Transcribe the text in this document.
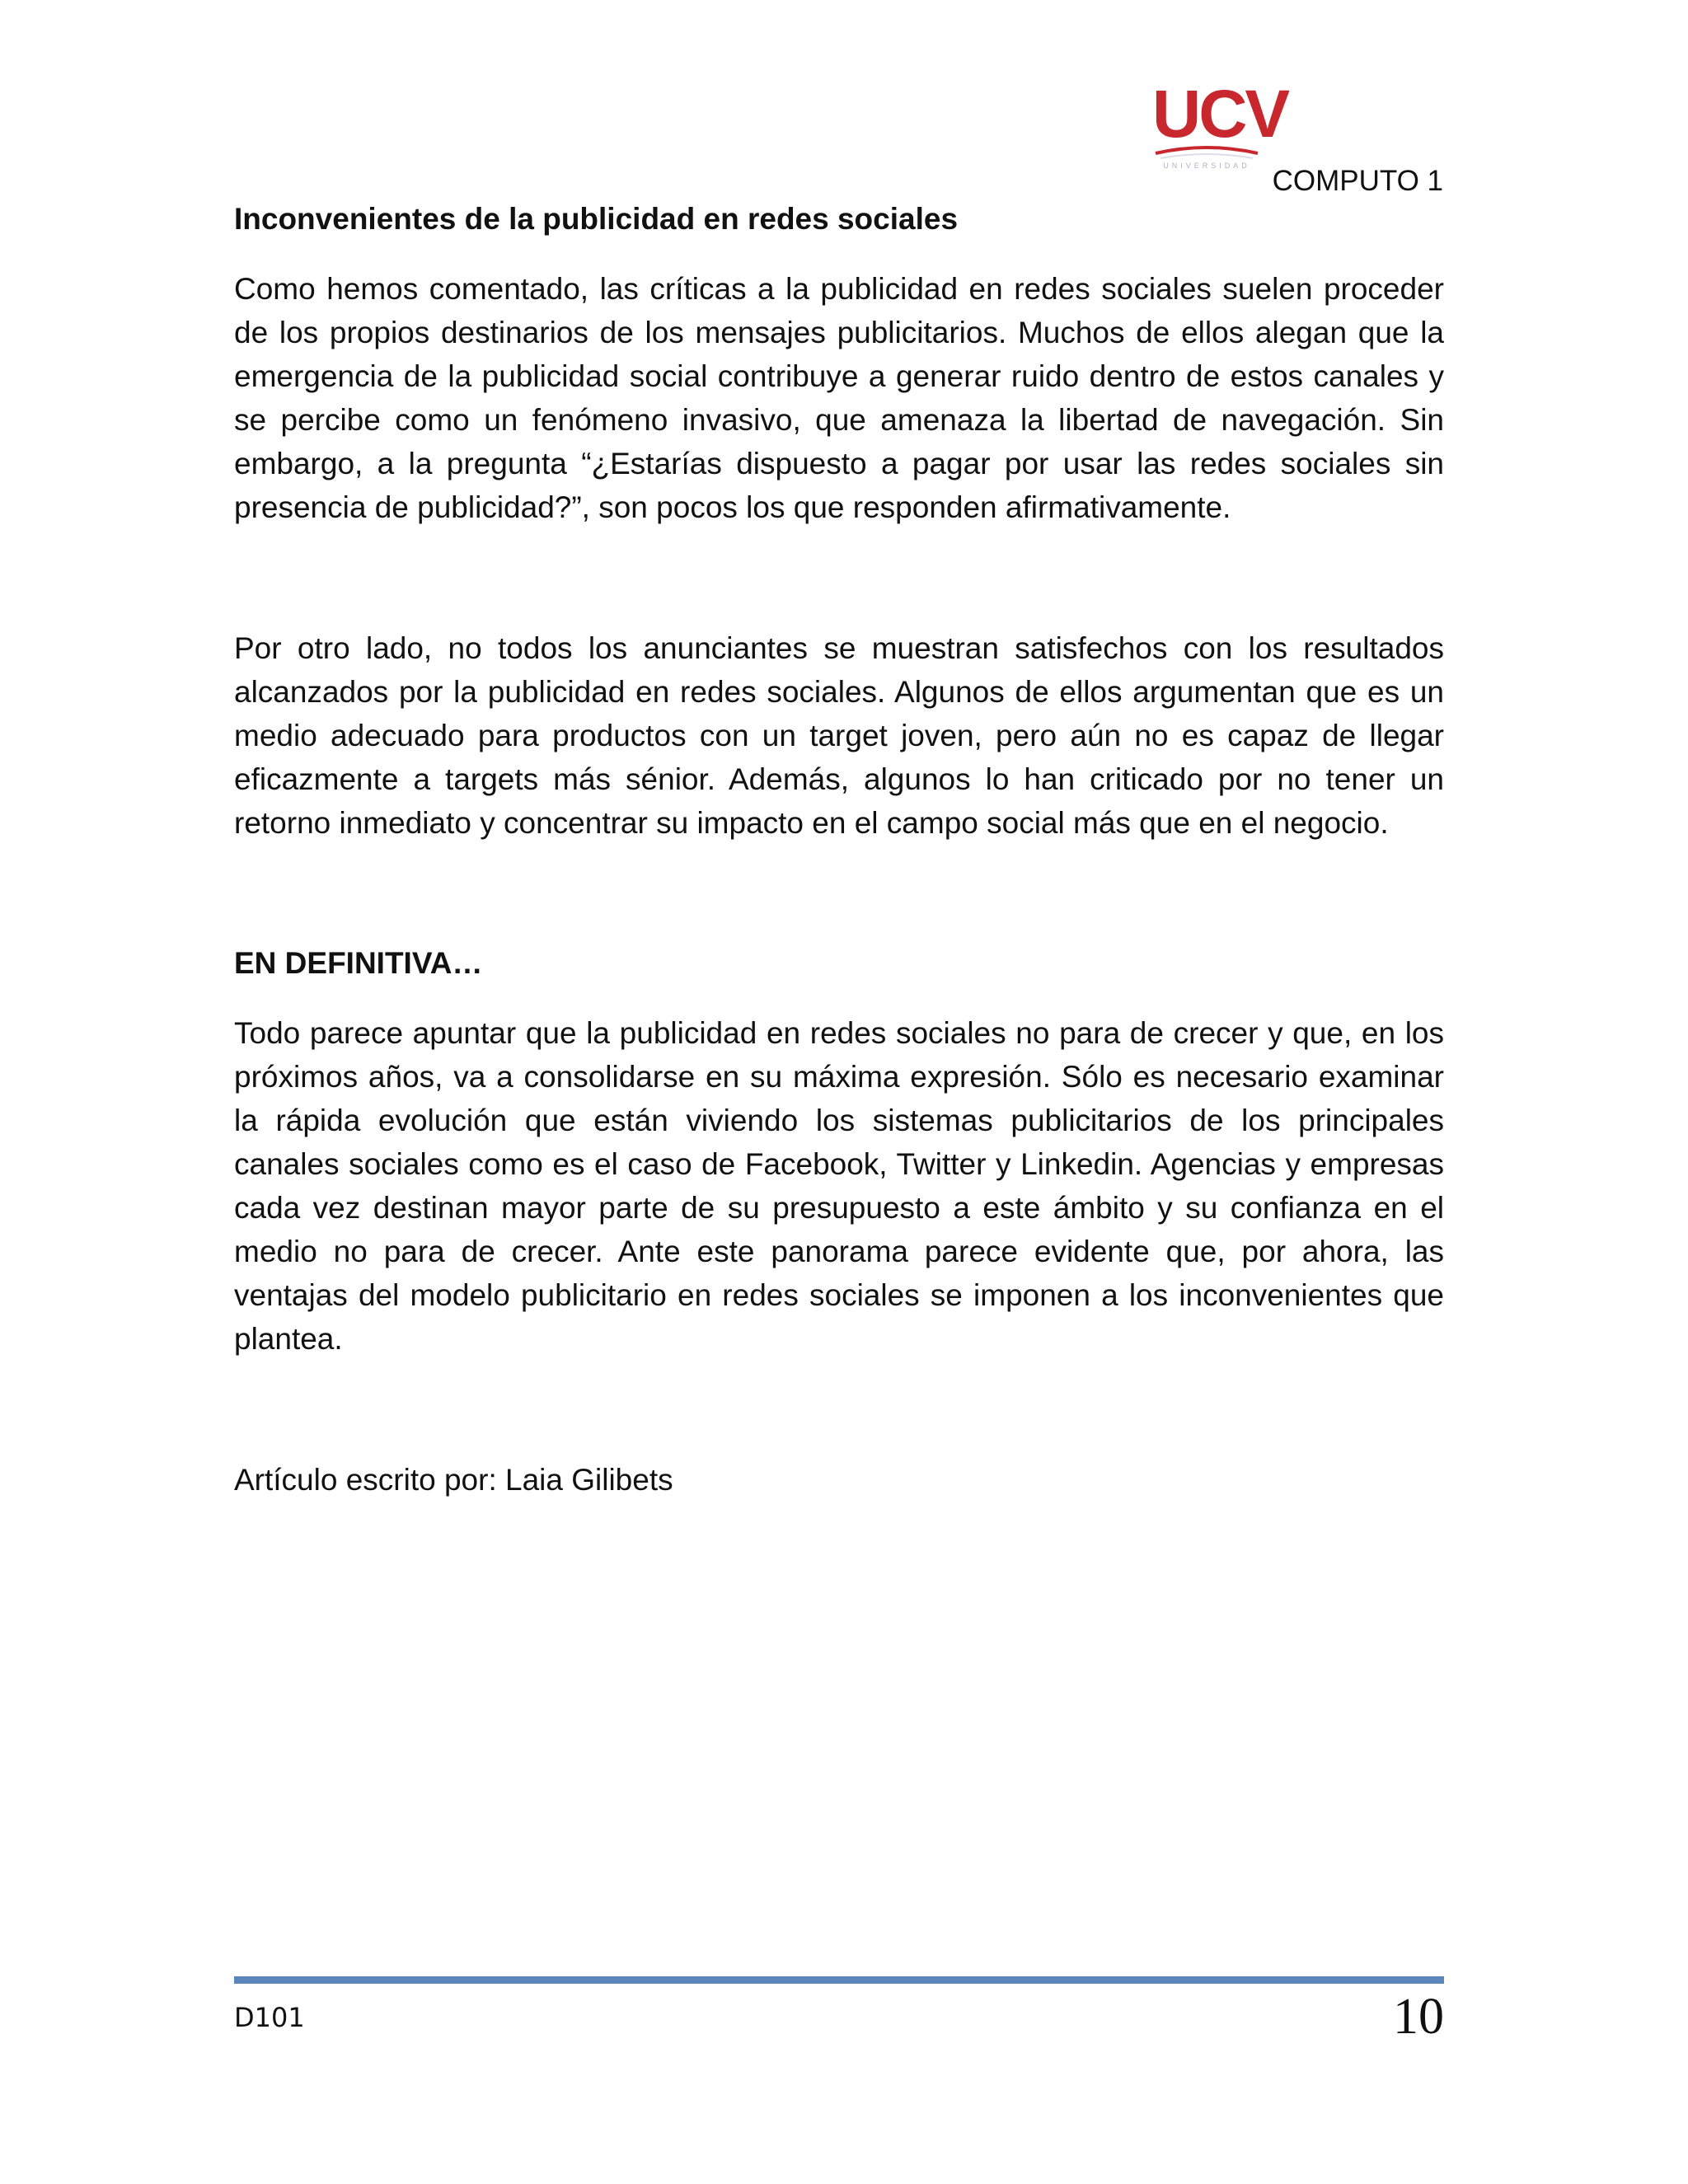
UCV
UNIVERSIDAD COMPUTO 1
Inconvenientes de la publicidad en redes sociales

Como hemos comentado, las críticas a la publicidad en redes sociales suelen proceder de los propios destinarios de los mensajes publicitarios. Muchos de ellos alegan que la emergencia de la publicidad social contribuye a generar ruido dentro de estos canales y se percibe como un fenómeno invasivo, que amenaza la libertad de navegación. Sin embargo, a la pregunta “¿Estarías dispuesto a pagar por usar las redes sociales sin presencia de publicidad?”, son pocos los que responden afirmativamente.

Por otro lado, no todos los anunciantes se muestran satisfechos con los resultados alcanzados por la publicidad en redes sociales. Algunos de ellos argumentan que es un medio adecuado para productos con un target joven, pero aún no es capaz de llegar eficazmente a targets más sénior. Además, algunos lo han criticado por no tener un retorno inmediato y concentrar su impacto en el campo social más que en el negocio.

EN DEFINITIVA…

Todo parece apuntar que la publicidad en redes sociales no para de crecer y que, en los próximos años, va a consolidarse en su máxima expresión. Sólo es necesario examinar la rápida evolución que están viviendo los sistemas publicitarios de los principales canales sociales como es el caso de Facebook, Twitter y Linkedin. Agencias y empresas cada vez destinan mayor parte de su presupuesto a este ámbito y su confianza en el medio no para de crecer. Ante este panorama parece evidente que, por ahora, las ventajas del modelo publicitario en redes sociales se imponen a los inconvenientes que plantea.

Artículo escrito por: Laia Gilibets

D101	10
